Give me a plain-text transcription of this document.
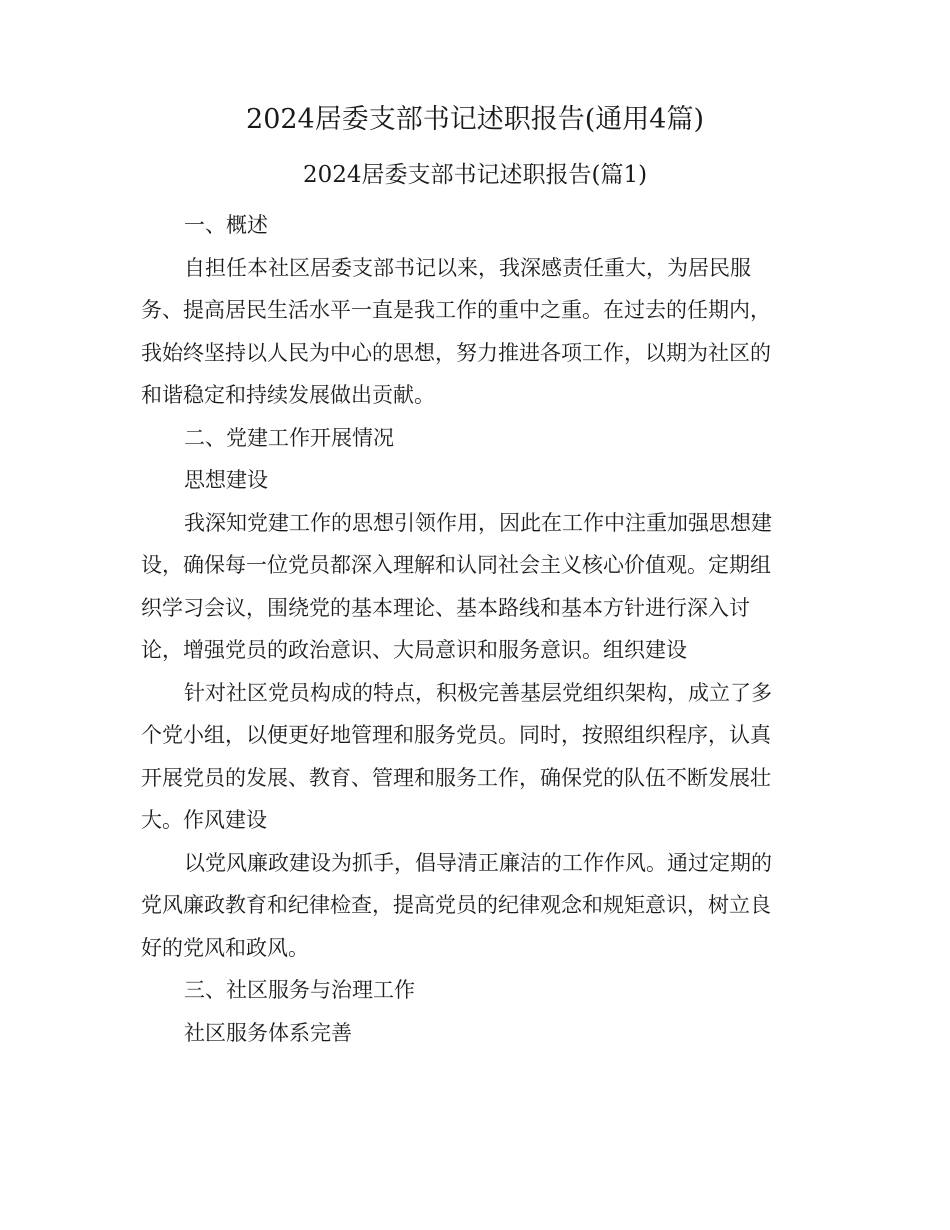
2024居委支部书记述职报告(通用4篇)
2024居委支部书记述职报告(篇1)
一、概述
自担任本社区居委支部书记以来，我深感责任重大，为居民服
务、提高居民生活水平一直是我工作的重中之重。在过去的任期内，
我始终坚持以人民为中心的思想，努力推进各项工作，以期为社区的
和谐稳定和持续发展做出贡献。
二、党建工作开展情况
思想建设
我深知党建工作的思想引领作用，因此在工作中注重加强思想建
设，确保每一位党员都深入理解和认同社会主义核心价值观。定期组
织学习会议，围绕党的基本理论、基本路线和基本方针进行深入讨
论，增强党员的政治意识、大局意识和服务意识。组织建设
针对社区党员构成的特点，积极完善基层党组织架构，成立了多
个党小组，以便更好地管理和服务党员。同时，按照组织程序，认真
开展党员的发展、教育、管理和服务工作，确保党的队伍不断发展壮
大。作风建设
以党风廉政建设为抓手，倡导清正廉洁的工作作风。通过定期的
党风廉政教育和纪律检查，提高党员的纪律观念和规矩意识，树立良
好的党风和政风。
三、社区服务与治理工作
社区服务体系完善
